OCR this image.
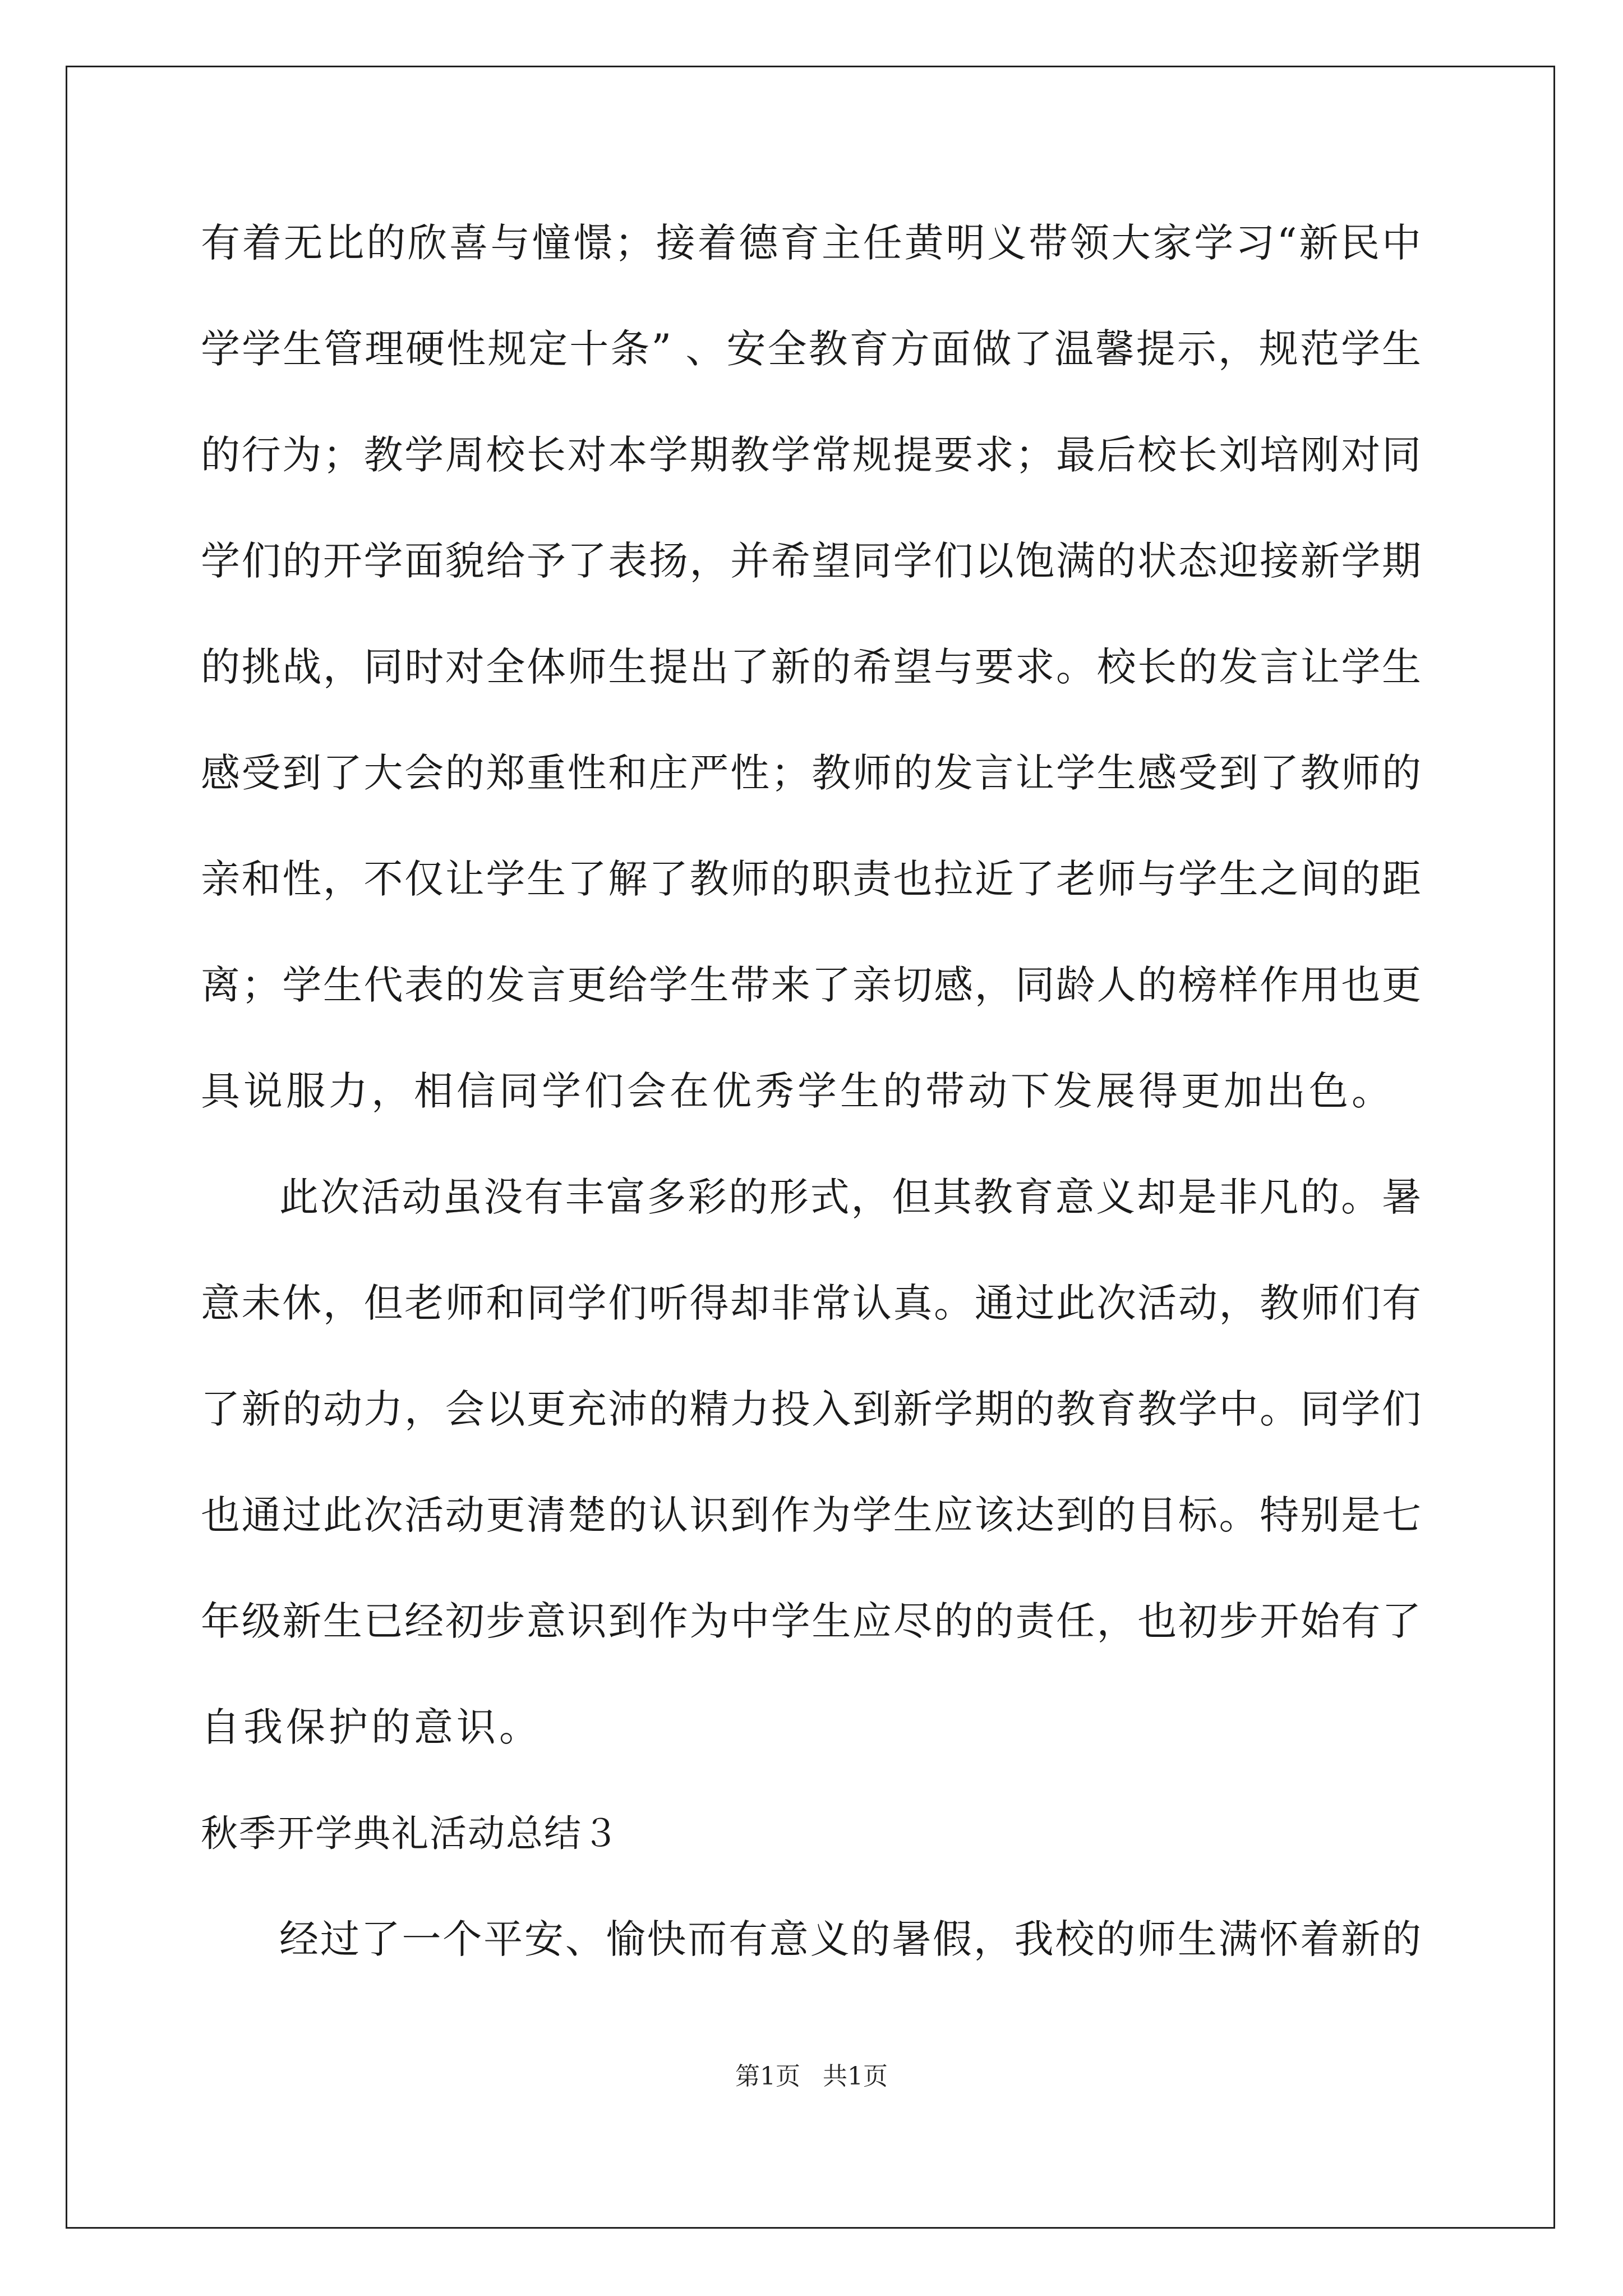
有着无比的欣喜与憧憬；接着德育主任黄明义带领大家学习“新民中
学学生管理硬性规定十条” 、安全教育方面做了温馨提示，规范学生
的行为；教学周校长对本学期教学常规提要求；最后校长刘培刚对同
学们的开学面貌给予了表扬，并希望同学们以饱满的状态迎接新学期
的挑战，同时对全体师生提出了新的希望与要求。校长的发言让学生
感受到了大会的郑重性和庄严性；教师的发言让学生感受到了教师的
亲和性，不仅让学生了解了教师的职责也拉近了老师与学生之间的距
离；学生代表的发言更给学生带来了亲切感，同龄人的榜样作用也更
具说服力，相信同学们会在优秀学生的带动下发展得更加出色。
此次活动虽没有丰富多彩的形式，但其教育意义却是非凡的。暑
意未休，但老师和同学们听得却非常认真。通过此次活动，教师们有
了新的动力，会以更充沛的精力投入到新学期的教育教学中。同学们
也通过此次活动更清楚的认识到作为学生应该达到的目标。特别是七
年级新生已经初步意识到作为中学生应尽的的责任，也初步开始有了
自我保护的意识。
秋季开学典礼活动总结３
经过了一个平安、愉快而有意义的暑假，我校的师生满怀着新的
第1页 共1页
